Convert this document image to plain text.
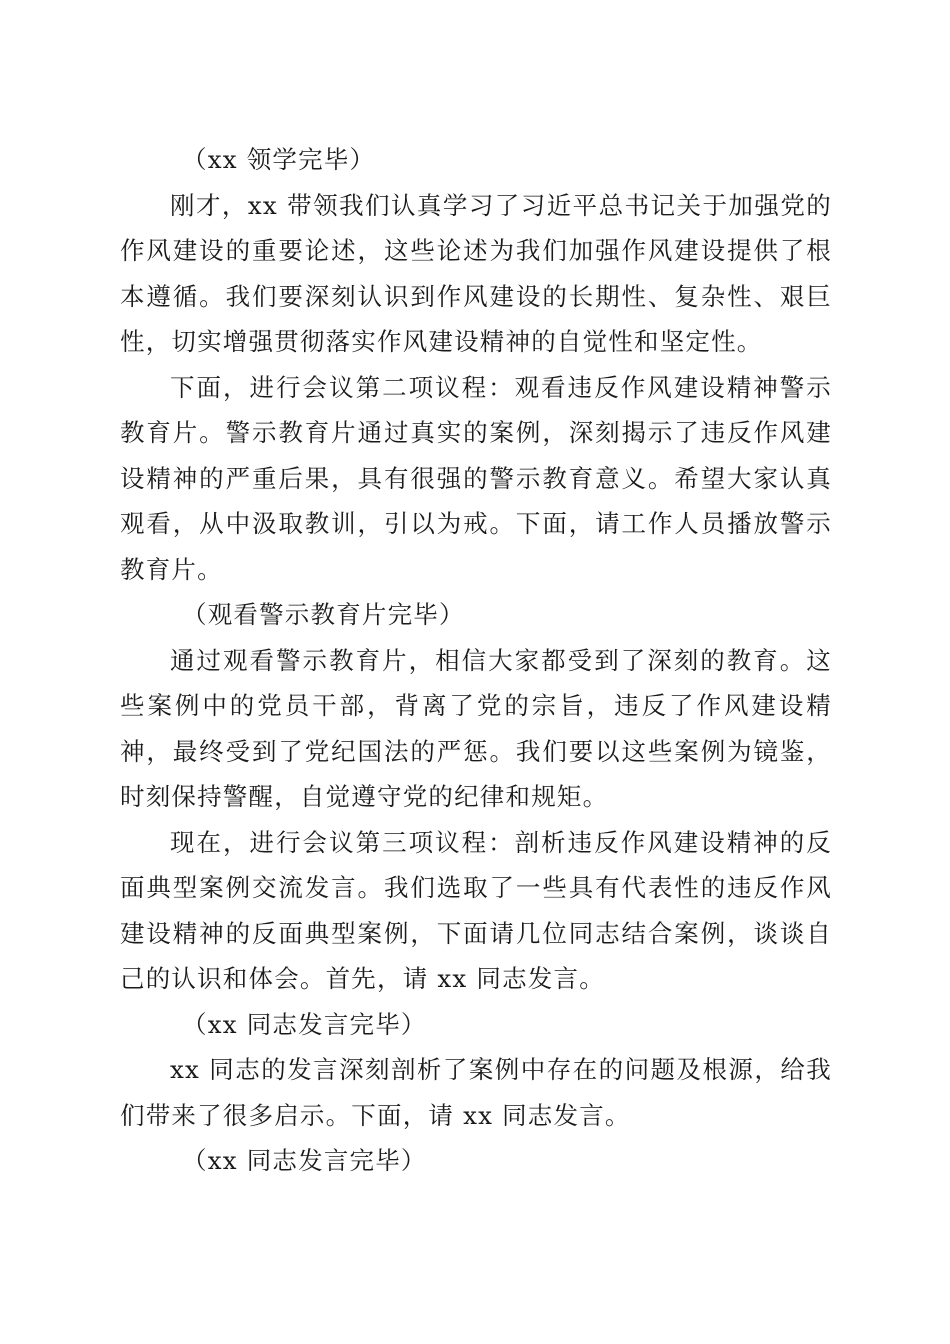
（xx 领学完毕）

刚才，xx 带领我们认真学习了习近平总书记关于加强党的作风建设的重要论述，这些论述为我们加强作风建设提供了根本遵循。我们要深刻认识到作风建设的长期性、复杂性、艰巨性，切实增强贯彻落实作风建设精神的自觉性和坚定性。

下面，进行会议第二项议程：观看违反作风建设精神警示教育片。警示教育片通过真实的案例，深刻揭示了违反作风建设精神的严重后果，具有很强的警示教育意义。希望大家认真观看，从中汲取教训，引以为戒。下面，请工作人员播放警示教育片。

（观看警示教育片完毕）

通过观看警示教育片，相信大家都受到了深刻的教育。这些案例中的党员干部，背离了党的宗旨，违反了作风建设精神，最终受到了党纪国法的严惩。我们要以这些案例为镜鉴，时刻保持警醒，自觉遵守党的纪律和规矩。

现在，进行会议第三项议程：剖析违反作风建设精神的反面典型案例交流发言。我们选取了一些具有代表性的违反作风建设精神的反面典型案例，下面请几位同志结合案例，谈谈自己的认识和体会。首先，请 xx 同志发言。

（xx 同志发言完毕）

xx 同志的发言深刻剖析了案例中存在的问题及根源，给我们带来了很多启示。下面，请 xx 同志发言。

（xx 同志发言完毕）
